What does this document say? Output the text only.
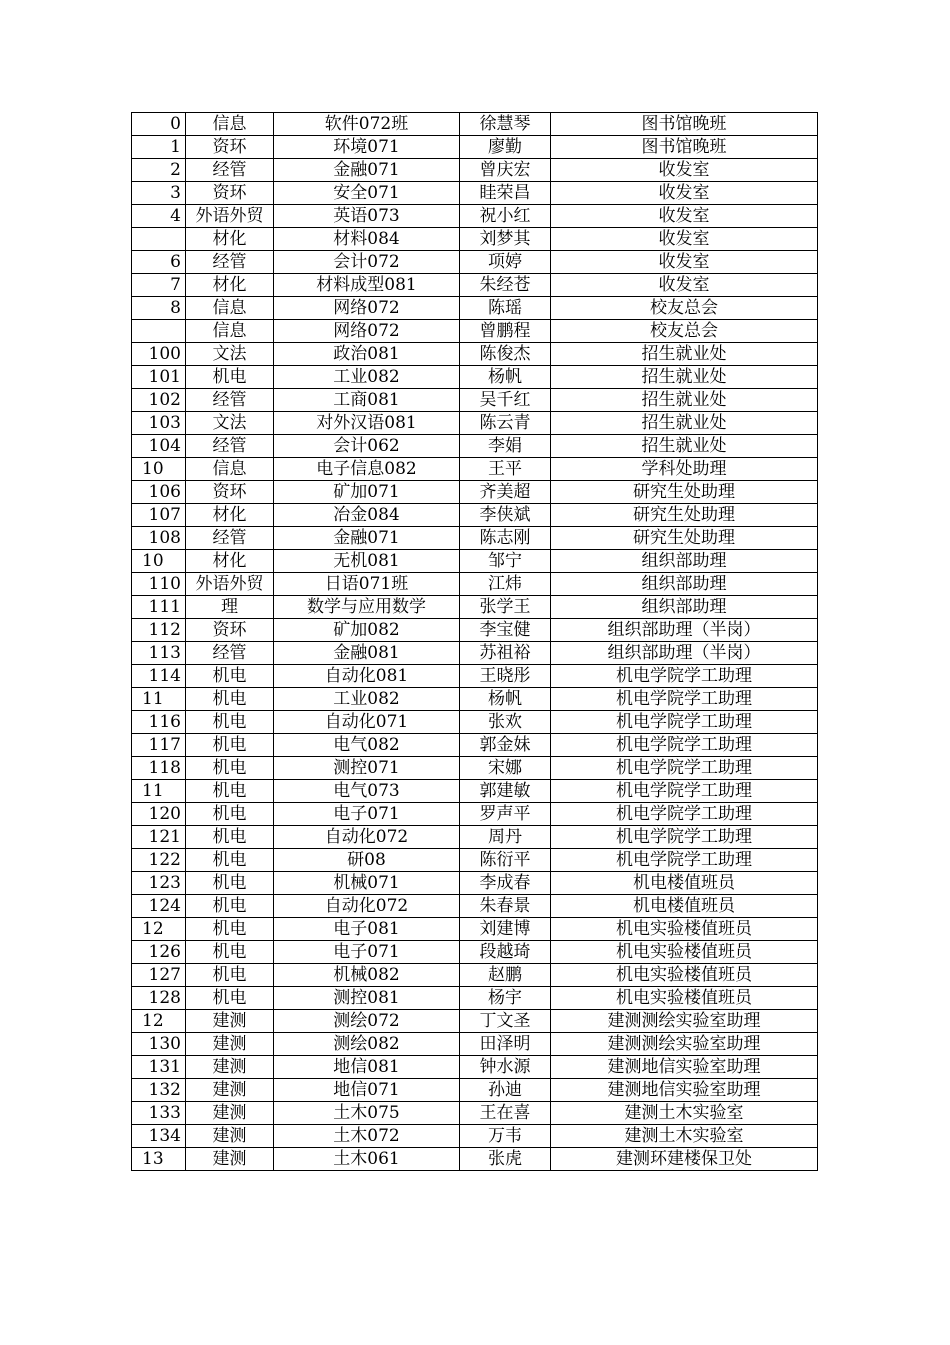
0	信息	软件072班	徐慧琴	图书馆晚班
1	资环	环境071	廖勤	图书馆晚班
2	经管	金融071	曾庆宏	收发室
3	资环	安全071	眭荣昌	收发室
4	外语外贸	英语073	祝小红	收发室
	材化	材料084	刘梦其	收发室
6	经管	会计072	项婷	收发室
7	材化	材料成型081	朱经苍	收发室
8	信息	网络072	陈瑶	校友总会
	信息	网络072	曾鹏程	校友总会
100	文法	政治081	陈俊杰	招生就业处
101	机电	工业082	杨帆	招生就业处
102	经管	工商081	吴千红	招生就业处
103	文法	对外汉语081	陈云青	招生就业处
104	经管	会计062	李娟	招生就业处
10	信息	电子信息082	王平	学科处助理
106	资环	矿加071	齐美超	研究生处助理
107	材化	冶金084	李侠斌	研究生处助理
108	经管	金融071	陈志刚	研究生处助理
10	材化	无机081	邹宁	组织部助理
110	外语外贸	日语071班	江炜	组织部助理
111	理	数学与应用数学	张学王	组织部助理
112	资环	矿加082	李宝健	组织部助理（半岗）
113	经管	金融081	苏祖裕	组织部助理（半岗）
114	机电	自动化081	王晓彤	机电学院学工助理
11	机电	工业082	杨帆	机电学院学工助理
116	机电	自动化071	张欢	机电学院学工助理
117	机电	电气082	郭金妹	机电学院学工助理
118	机电	测控071	宋娜	机电学院学工助理
11	机电	电气073	郭建敏	机电学院学工助理
120	机电	电子071	罗声平	机电学院学工助理
121	机电	自动化072	周丹	机电学院学工助理
122	机电	研08	陈衍平	机电学院学工助理
123	机电	机械071	李成春	机电楼值班员
124	机电	自动化072	朱春景	机电楼值班员
12	机电	电子081	刘建博	机电实验楼值班员
126	机电	电子071	段越琦	机电实验楼值班员
127	机电	机械082	赵鹏	机电实验楼值班员
128	机电	测控081	杨宇	机电实验楼值班员
12	建测	测绘072	丁文圣	建测测绘实验室助理
130	建测	测绘082	田泽明	建测测绘实验室助理
131	建测	地信081	钟水源	建测地信实验室助理
132	建测	地信071	孙迪	建测地信实验室助理
133	建测	土木075	王在喜	建测土木实验室
134	建测	土木072	万韦	建测土木实验室
13	建测	土木061	张虎	建测环建楼保卫处
